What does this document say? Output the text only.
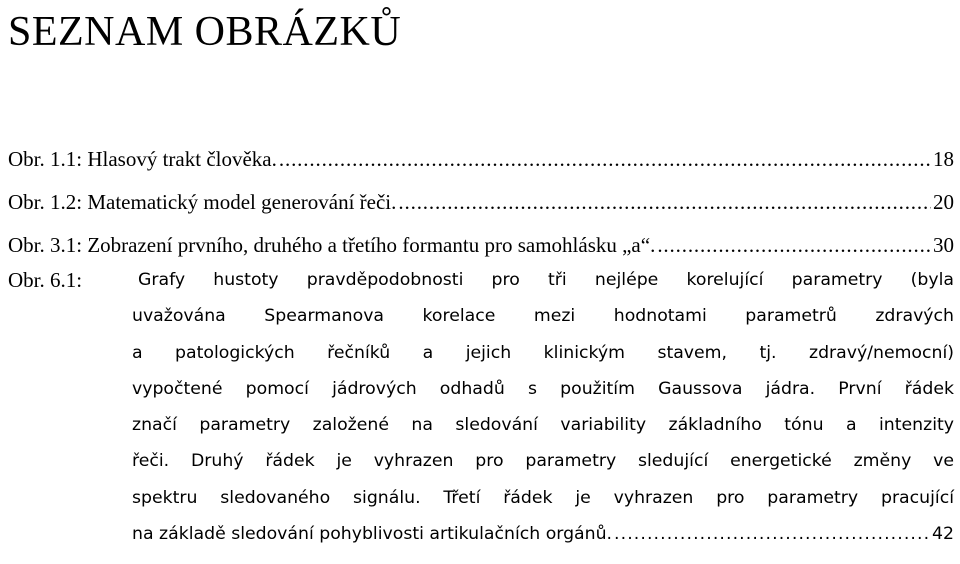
SEZNAM OBRÁZKŮ
Obr. 1.1: Hlasový trakt člověka. . . .	18
Obr. 1.2: Matematický model generování řeči. . . .	20
Obr. 3.1: Zobrazení prvního, druhého a třetího formantu pro samohlásku „a“. . . .	30
Obr. 6.1:	Grafy hustoty pravděpodobnosti pro tři nejlépe korelující parametry (byla
uvažována Spearmanova korelace mezi hodnotami parametrů zdravých
a patologických řečníků a jejich klinickým stavem, tj. zdravý/nemocní)
vypočtené pomocí jádrových odhadů s použitím Gaussova jádra. První řádek
značí parametry založené na sledování variability základního tónu a intenzity
řeči. Druhý řádek je vyhrazen pro parametry sledující energetické změny ve
spektru sledovaného signálu. Třetí řádek je vyhrazen pro parametry pracující
na základě sledování pohyblivosti artikulačních orgánů. . . .	42
